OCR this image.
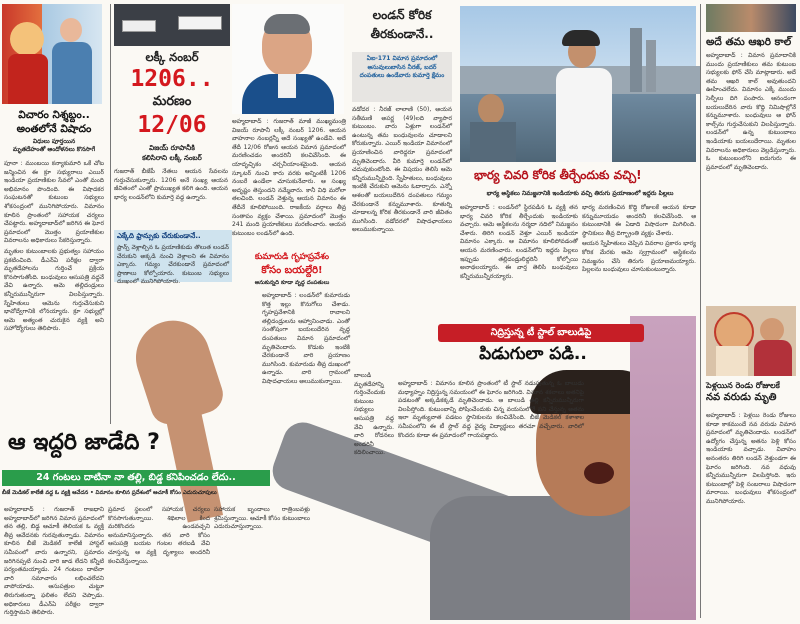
విచారం నిశ్శబ్దం..
అంతలోనే విషాదం
విధులు పూర్తయిన
మృతదేహంతో ఆందోళనలు కొనసాగే

పూనా : ముంబయి కన్యాకుమారి ఒకే చోట జన్మించిన ఈ క్రూ సభ్యురాలు ఎయిర్ ఇండియా ప్రయాణికుల సేవలో ఎంతో మంది అభిమానం పొందింది. ఈ విషాదకర సంఘటనతో కుటుంబ సభ్యులు శోకసంద్రంలో మునిగిపోయారు. విమానం కూలిన ప్రాంతంలో సహాయక చర్యలు చేపట్టారు. అహ్మదాబాద్‌లో జరిగిన ఈ ఘోర ప్రమాదంలో మొత్తం ప్రయాణికుల వివరాలను అధికారులు సేకరిస్తున్నారు.

మృతుల కుటుంబాలకు ప్రభుత్వం సహాయం ప్రకటించింది. డీఎన్ఏ పరీక్షల ద్వారా మృతదేహాలను గుర్తించే ప్రక్రియ కొనసాగుతోంది. బంధువులు ఆసుపత్రి వద్దనే వేచి ఉన్నారు. ఆమె తల్లిదండ్రులు కన్నీరుమున్నీరుగా విలపిస్తున్నారు. స్నేహితులు ఆమెను గుర్తుచేసుకుని భావోద్వేగానికి లోనయ్యారు. క్రూ సభ్యుల్లో ఆమె అత్యంత చురుకైన వ్యక్తి అని సహోద్యోగులు తెలిపారు.

లక్కీ నంబర్
1206..
మరణం
12/06
విజయ్ రూపానీకి
కలిసిరాని లక్కీ నంబర్

అహ్మదాబాద్ : గుజరాత్ మాజీ ముఖ్యమంత్రి విజయ్ రూపానీ లక్కీ నంబర్ 1206. ఆయన వాహనాల నంబర్లన్నీ అదే సంఖ్యతో ఉండేవి. అదే తేదీ 12/06 రోజున ఆయన విమాన ప్రమాదంలో మరణించడం అందరినీ కలచివేసింది. ఈ యాదృచ్ఛికం చర్చనీయాంశమైంది. ఆయన స్కూటర్ నుంచి కారు వరకు అన్నింటికీ 1206 నంబరే ఉండేలా చూసుకునేవారు. ఆ సంఖ్య అదృష్టం తెస్తుందని నమ్మేవారు. కానీ విధి మరోలా తలచింది. లండన్ వెళ్తున్న ఆయన విమానం ఈ తేదీనే కూలిపోయింది. రాజకీయ వర్గాలు తీవ్ర సంతాపం వ్యక్తం చేశాయి. ప్రమాదంలో మొత్తం 241 మంది ప్రయాణికులు మరణించారు. ఆయన కుటుంబం లండన్‌లో ఉంది.

గుజరాత్ బీజేపీ నేతలు ఆయన సేవలను గుర్తుచేసుకున్నారు. 1206 అనే సంఖ్య ఆయన జీవితంలో ఎంతో ప్రాముఖ్యత కలిగి ఉంది. ఆయన భార్య లండన్‌లోని కుమార్తె వద్ద ఉన్నారు.

ఎక్కేది ఫ్రాన్సుకు చేరుకుండానే..
ఫ్రాన్స్ వెళ్లాల్సిన ఓ ప్రయాణికుడు తొలుత లండన్ చేరుకుని అక్కడి నుంచి వెళ్లాలని ఈ విమానం ఎక్కారు. గమ్యం చేరకుండానే ప్రమాదంలో ప్రాణాలు కోల్పోయారు. కుటుంబ సభ్యులు దుఃఖంలో మునిగిపోయారు.
లండన్ కోరిక
తీరకుండానే..
ఏఐ-171 విమాన ప్రమాదంలో అసువులుబాసిన నీరజ్, బదర్ దంపతులు ఉండేవారు కుమార్తె క్షేమం

వడోదర : నీరజ్ లాలాణి (50), ఆయన సతీమణి అపర్ణ (49)లది వ్యాపార కుటుంబం. వారు ఏళ్లుగా లండన్‌లో ఉంటున్న తమ బంధువులను చూడాలని కోరుకున్నారు. ఎయిర్ ఇండియా విమానంలో ప్రయాణించిన వారిద్దరూ ప్రమాదంలో మృతిచెందారు. వీరి కుమార్తె లండన్‌లో చదువుకుంటోంది. ఈ విషయం తెలిసి ఆమె కన్నీరుమున్నీరైంది. స్నేహితులు, బంధువులు ఇంటికి చేరుకుని ఆమెను ఓదార్చారు. ఎన్నో ఆశలతో బయలుదేరిన దంపతులు గమ్యం చేరకుండానే కన్నుమూశారు. కూతుర్ని చూడాలన్న కోరిక తీరకుండానే వారి జీవితం ముగిసింది. వడోదరలో విషాదఛాయలు అలుముకున్నాయి.

భార్య చివరి కోరిక తీర్చేందుకు వచ్చి!
భార్య అస్థికలు నిమజ్జనానికి ఇండియాకు వచ్చి తిరుగు ప్రయాణంలో ఇద్దరు పిల్లలు

అహ్మదాబాద్ : లండన్‌లో స్థిరపడిన ఓ వ్యక్తి తన భార్య చివరి కోరిక తీర్చేందుకు ఇండియాకు వచ్చారు. ఆమె అస్థికలను నర్మదా నదిలో నిమజ్జనం చేశారు. తిరిగి లండన్ వెళ్తూ ఎయిర్ ఇండియా విమానం ఎక్కారు. ఆ విమానం కూలిపోవడంతో ఆయన మరణించారు. లండన్‌లోని ఇద్దరు పిల్లలు ఇప్పుడు తల్లిదండ్రులిద్దరినీ కోల్పోయి అనాథలయ్యారు. ఈ వార్త తెలిసి బంధువులు కన్నీరుమున్నీరయ్యారు.

భార్య మరణించిన కొద్ది రోజులకే ఆయన కూడా కన్నుమూయడం అందరినీ కలచివేసింది. ఆ కుటుంబానికి ఈ ఏడాది విషాదంగా మిగిలింది. స్థానికులు తీవ్ర దిగ్భ్రాంతి వ్యక్తం చేశారు.

ఆయన స్నేహితులు చెప్పిన వివరాల ప్రకారం భార్య కోరిక మేరకు ఆమె స్వగ్రామంలో అస్థికలను నిమజ్జనం చేసి తిరుగు ప్రయాణమయ్యారు. పిల్లలను బంధువులు చూసుకుంటున్నారు.

అదే తమ ఆఖరి కాల్

అహ్మదాబాద్ : విమాన ప్రమాదానికి ముందు ప్రయాణికులు తమ కుటుంబ సభ్యులకు ఫోన్ చేసి మాట్లాడారు. అదే తమ ఆఖరి కాల్ అవుతుందని ఊహించలేదు. విమానం ఎక్కే ముందు సెల్ఫీలు దిగి పంపారు. ఆనందంగా బయలుదేరిన వారు కొద్ది నిమిషాల్లోనే కన్నుమూశారు. బంధువులు ఆ ఫోన్ కాల్స్‌ను గుర్తుచేసుకుని విలపిస్తున్నారు. లండన్‌లో ఉన్న కుటుంబాలు ఇండియాకు బయలుదేరాయి. మృతుల వివరాలను అధికారులు వెల్లడిస్తున్నారు. ఓ కుటుంబంలోని ఐదుగురు ఈ ప్రమాదంలో మృతిచెందారు.

పెళ్లయిన రెండు రోజులకే
నవ వరుడు మృతి

అహ్మదాబాద్ : పెళ్లయి రెండు రోజులు కూడా కాకముందే నవ వరుడు విమాన ప్రమాదంలో మృతిచెందాడు. లండన్‌లో ఉద్యోగం చేస్తున్న అతను పెళ్లి కోసం ఇండియాకు వచ్చాడు. వివాహం అనంతరం తిరిగి లండన్ వెళ్తుండగా ఈ ఘోరం జరిగింది. నవ వధువు కన్నీరుమున్నీరుగా విలపిస్తోంది. ఇరు కుటుంబాల్లో పెళ్లి సంబరాలు విషాదంగా మారాయి. బంధువులు శోకసంద్రంలో మునిగిపోయారు.

కుమారుడి గృహప్రవేశం
కోసం బయల్దేరి!
అనుకున్నది కూడా వృద్ధ దంపతులు

అహ్మదాబాద్ : లండన్‌లో కుమారుడు కొత్త ఇల్లు కొనుగోలు చేశాడు. గృహప్రవేశానికి రావాలని తల్లిదండ్రులను ఆహ్వానించాడు. ఎంతో సంతోషంగా బయలుదేరిన వృద్ధ దంపతులు విమాన ప్రమాదంలో మృతిచెందారు. కొడుకు ఇంటికి చేరకుండానే వారి ప్రయాణం ముగిసింది. కుమారుడు తీవ్ర దుఃఖంలో ఉన్నాడు. వారి గ్రామంలో విషాదఛాయలు అలుముకున్నాయి.

నిద్రిస్తున్న టీ స్టాల్ బాలుడిపై
పిడుగులా పడి..

అహ్మదాబాద్ : విమానం కూలిన ప్రాంతంలో టీ స్టాల్ నడుపుతున్న ఓ బాలుడు మధ్యాహ్నం నిద్రిస్తున్న సమయంలో ఈ ఘోరం జరిగింది. విమాన శకలాలు అతనిపై పడటంతో అక్కడికక్కడే మృతిచెందాడు. ఆ బాలుడి తల్లి కన్నీరుమున్నీరుగా విలపిస్తోంది. కుటుంబాన్ని పోషించేందుకు చిన్న వయసులోనే పని చేస్తున్న అతను ఇలా మృత్యువాత పడటం స్థానికులను కలచివేసింది. బీజే మెడికల్ కళాశాల సమీపంలోని ఈ టీ స్టాల్ వద్ద వైద్య విద్యార్థులు తరచూ వచ్చేవారు. వారిలో కొందరు కూడా ఈ ప్రమాదంలో గాయపడ్డారు.

బాలుడి మృతదేహాన్ని గుర్తించేందుకు కుటుంబ సభ్యులు ఆసుపత్రి వద్ద వేచి ఉన్నారు. వారి రోదనలు అందరినీ కదిలించాయి.

ఆ ఇద్దరి జాడేది ?
24 గంటలు దాటినా నా తల్లి, బిడ్డ కనిపించడం లేదు..
బీజే మెడికల్ కాలేజీ వద్ద ఓ వ్యక్తి ఆవేదన • విమానం కూలిన ప్రదేశంలో ఆచూకీ కోసం ఎదురుచూపులు

అహ్మదాబాద్ : గుజరాత్ రాజధాని అహ్మదాబాద్‌లో జరిగిన విమాన ప్రమాదంలో తన తల్లి, బిడ్డ ఆచూకీ తెలియక ఓ వ్యక్తి తీవ్ర ఆవేదనకు గురవుతున్నాడు. విమానం కూలిన బీజే మెడికల్ కాలేజీ హాస్టల్ సమీపంలో వారు ఉన్నారని, ప్రమాదం జరిగినప్పటి నుంచి వారి జాడ లేదని కన్నీటి పర్యంతమయ్యాడు. 24 గంటలు దాటినా వారి సమాచారం లభించలేదని వాపోయాడు. ఆసుపత్రుల చుట్టూ తిరుగుతున్నా ఫలితం లేదని చెప్పాడు. అధికారులు డీఎన్ఏ పరీక్షల ద్వారా గుర్తిస్తామని తెలిపారు.

ప్రమాద స్థలంలో సహాయక చర్యలు కొనసాగుతున్నాయి. శిథిలాల కింద మరికొందరు ఉండవచ్చని అనుమానిస్తున్నారు. తన వారి కోసం ఆసుపత్రి బయట గంటల తరబడి వేచి చూస్తున్న ఆ వ్యక్తి దృశ్యాలు అందరినీ కలచివేస్తున్నాయి.

సహాయక బృందాలు రాత్రింబవళ్లు శ్రమిస్తున్నాయి. ఆచూకీ కోసం కుటుంబాలు ఎదురుచూస్తున్నాయి.
